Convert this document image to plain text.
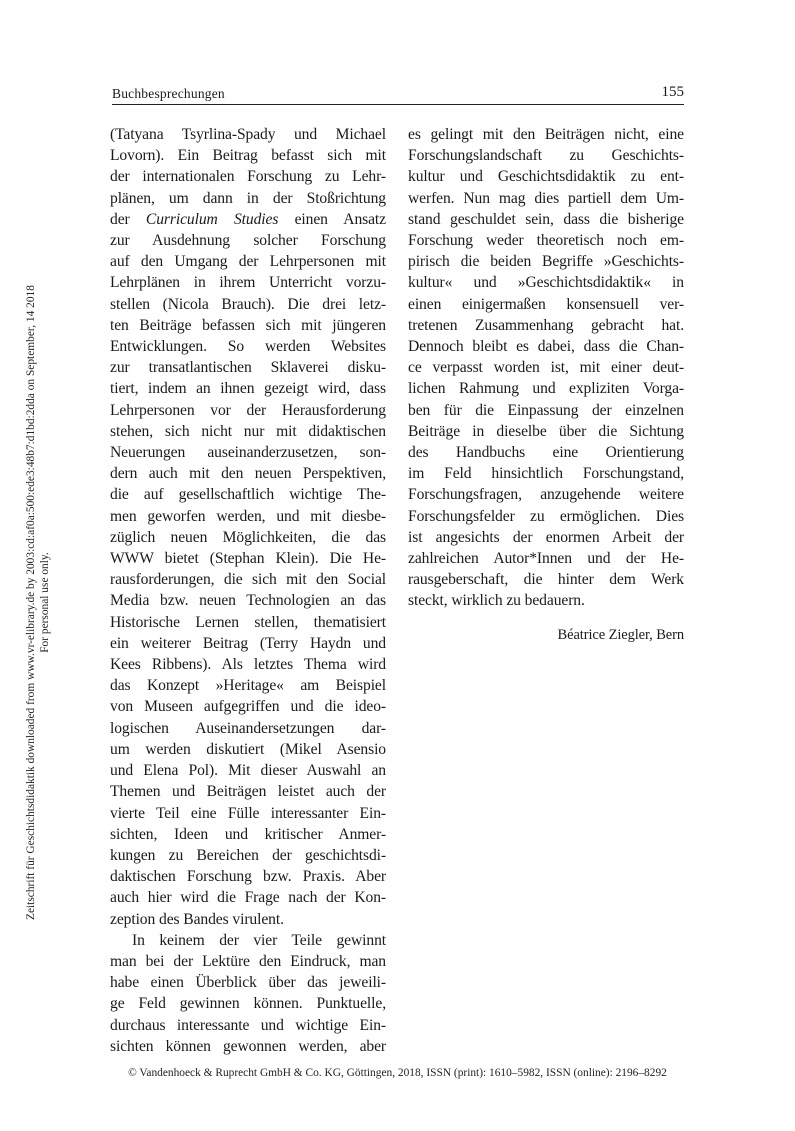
Buchbesprechungen	155
Zeitschrift für Geschichtsdidaktik downloaded from www.vr-elibrary.de by 2003:cd:af0a:500:ede3:48b7:d1bd:2dda on September, 14 2018 For personal use only.
(Tatyana Tsyrlina-Spady und Michael
Lovorn). Ein Beitrag befasst sich mit
der internationalen Forschung zu Lehr-
plänen, um dann in der Stoßrichtung
der Curriculum Studies einen Ansatz
zur Ausdehnung solcher Forschung
auf den Umgang der Lehrpersonen mit
Lehrplänen in ihrem Unterricht vorzu-
stellen (Nicola Brauch). Die drei letz-
ten Beiträge befassen sich mit jüngeren
Entwicklungen. So werden Websites
zur transatlantischen Sklaverei disku-
tiert, indem an ihnen gezeigt wird, dass
Lehrpersonen vor der Herausforderung
stehen, sich nicht nur mit didaktischen
Neuerungen auseinanderzusetzen, son-
dern auch mit den neuen Perspektiven,
die auf gesellschaftlich wichtige The-
men geworfen werden, und mit diesbe-
züglich neuen Möglichkeiten, die das
WWW bietet (Stephan Klein). Die He-
rausforderungen, die sich mit den Social
Media bzw. neuen Technologien an das
Historische Lernen stellen, thematisiert
ein weiterer Beitrag (Terry Haydn und
Kees Ribbens). Als letztes Thema wird
das Konzept »Heritage« am Beispiel
von Museen aufgegriffen und die ideo-
logischen Auseinandersetzungen dar-
um werden diskutiert (Mikel Asensio
und Elena Pol). Mit dieser Auswahl an
Themen und Beiträgen leistet auch der
vierte Teil eine Fülle interessanter Ein-
sichten, Ideen und kritischer Anmer-
kungen zu Bereichen der geschichtsdi-
daktischen Forschung bzw. Praxis. Aber
auch hier wird die Frage nach der Kon-
zeption des Bandes virulent.
In keinem der vier Teile gewinnt
man bei der Lektüre den Eindruck, man
habe einen Überblick über das jeweili-
ge Feld gewinnen können. Punktuelle,
durchaus interessante und wichtige Ein-
sichten können gewonnen werden, aber
es gelingt mit den Beiträgen nicht, eine
Forschungslandschaft zu Geschichts-
kultur und Geschichtsdidaktik zu ent-
werfen. Nun mag dies partiell dem Um-
stand geschuldet sein, dass die bisherige
Forschung weder theoretisch noch em-
pirisch die beiden Begriffe »Geschichts-
kultur« und »Geschichtsdidaktik« in
einen einigermaßen konsensuell ver-
tretenen Zusammenhang gebracht hat.
Dennoch bleibt es dabei, dass die Chan-
ce verpasst worden ist, mit einer deut-
lichen Rahmung und expliziten Vorga-
ben für die Einpassung der einzelnen
Beiträge in dieselbe über die Sichtung
des Handbuchs eine Orientierung
im Feld hinsichtlich Forschungstand,
Forschungsfragen, anzugehende weitere
Forschungsfelder zu ermöglichen. Dies
ist angesichts der enormen Arbeit der
zahlreichen Autor*Innen und der He-
rausgeberschaft, die hinter dem Werk
steckt, wirklich zu bedauern.
Béatrice Ziegler, Bern
© Vandenhoeck & Ruprecht GmbH & Co. KG, Göttingen, 2018, ISSN (print): 1610–5982, ISSN (online): 2196–8292
